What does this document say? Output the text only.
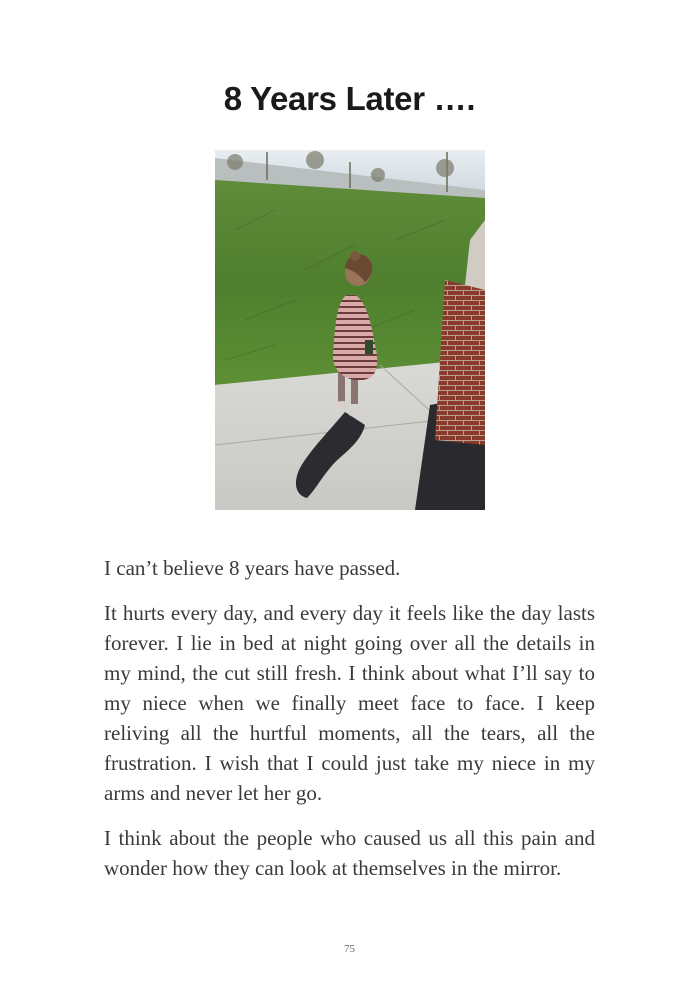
8 Years Later ….

I can’t believe 8 years have passed.

It hurts every day, and every day it feels like the day lasts forever. I lie in bed at night going over all the details in my mind, the cut still fresh. I think about what I’ll say to my niece when we finally meet face to face. I keep reliving all the hurtful moments, all the tears, all the frustration. I wish that I could just take my niece in my arms and never let her go.

I think about the people who caused us all this pain and wonder how they can look at themselves in the mirror.

75
